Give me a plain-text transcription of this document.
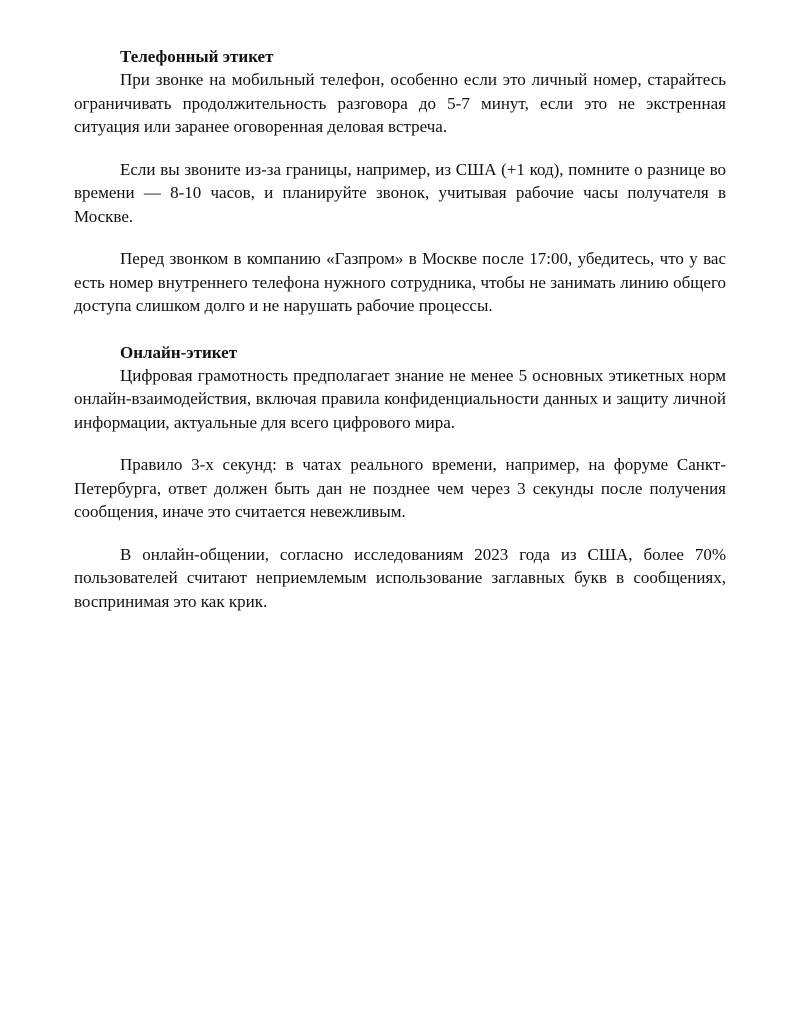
Телефонный этикет

При звонке на мобильный телефон, особенно если это личный номер, старайтесь ограничивать продолжительность разговора до 5-7 минут, если это не экстренная ситуация или заранее оговоренная деловая встреча.

Если вы звоните из-за границы, например, из США (+1 код), помните о разнице во времени — 8-10 часов, и планируйте звонок, учитывая рабочие часы получателя в Москве.

Перед звонком в компанию «Газпром» в Москве после 17:00, убедитесь, что у вас есть номер внутреннего телефона нужного сотрудника, чтобы не занимать линию общего доступа слишком долго и не нарушать рабочие процессы.

Онлайн-этикет

Цифровая грамотность предполагает знание не менее 5 основных этикетных норм онлайн-взаимодействия, включая правила конфиденциальности данных и защиту личной информации, актуальные для всего цифрового мира.

Правило 3-х секунд: в чатах реального времени, например, на форуме Санкт-Петербурга, ответ должен быть дан не позднее чем через 3 секунды после получения сообщения, иначе это считается невежливым.

В онлайн-общении, согласно исследованиям 2023 года из США, более 70% пользователей считают неприемлемым использование заглавных букв в сообщениях, воспринимая это как крик.
